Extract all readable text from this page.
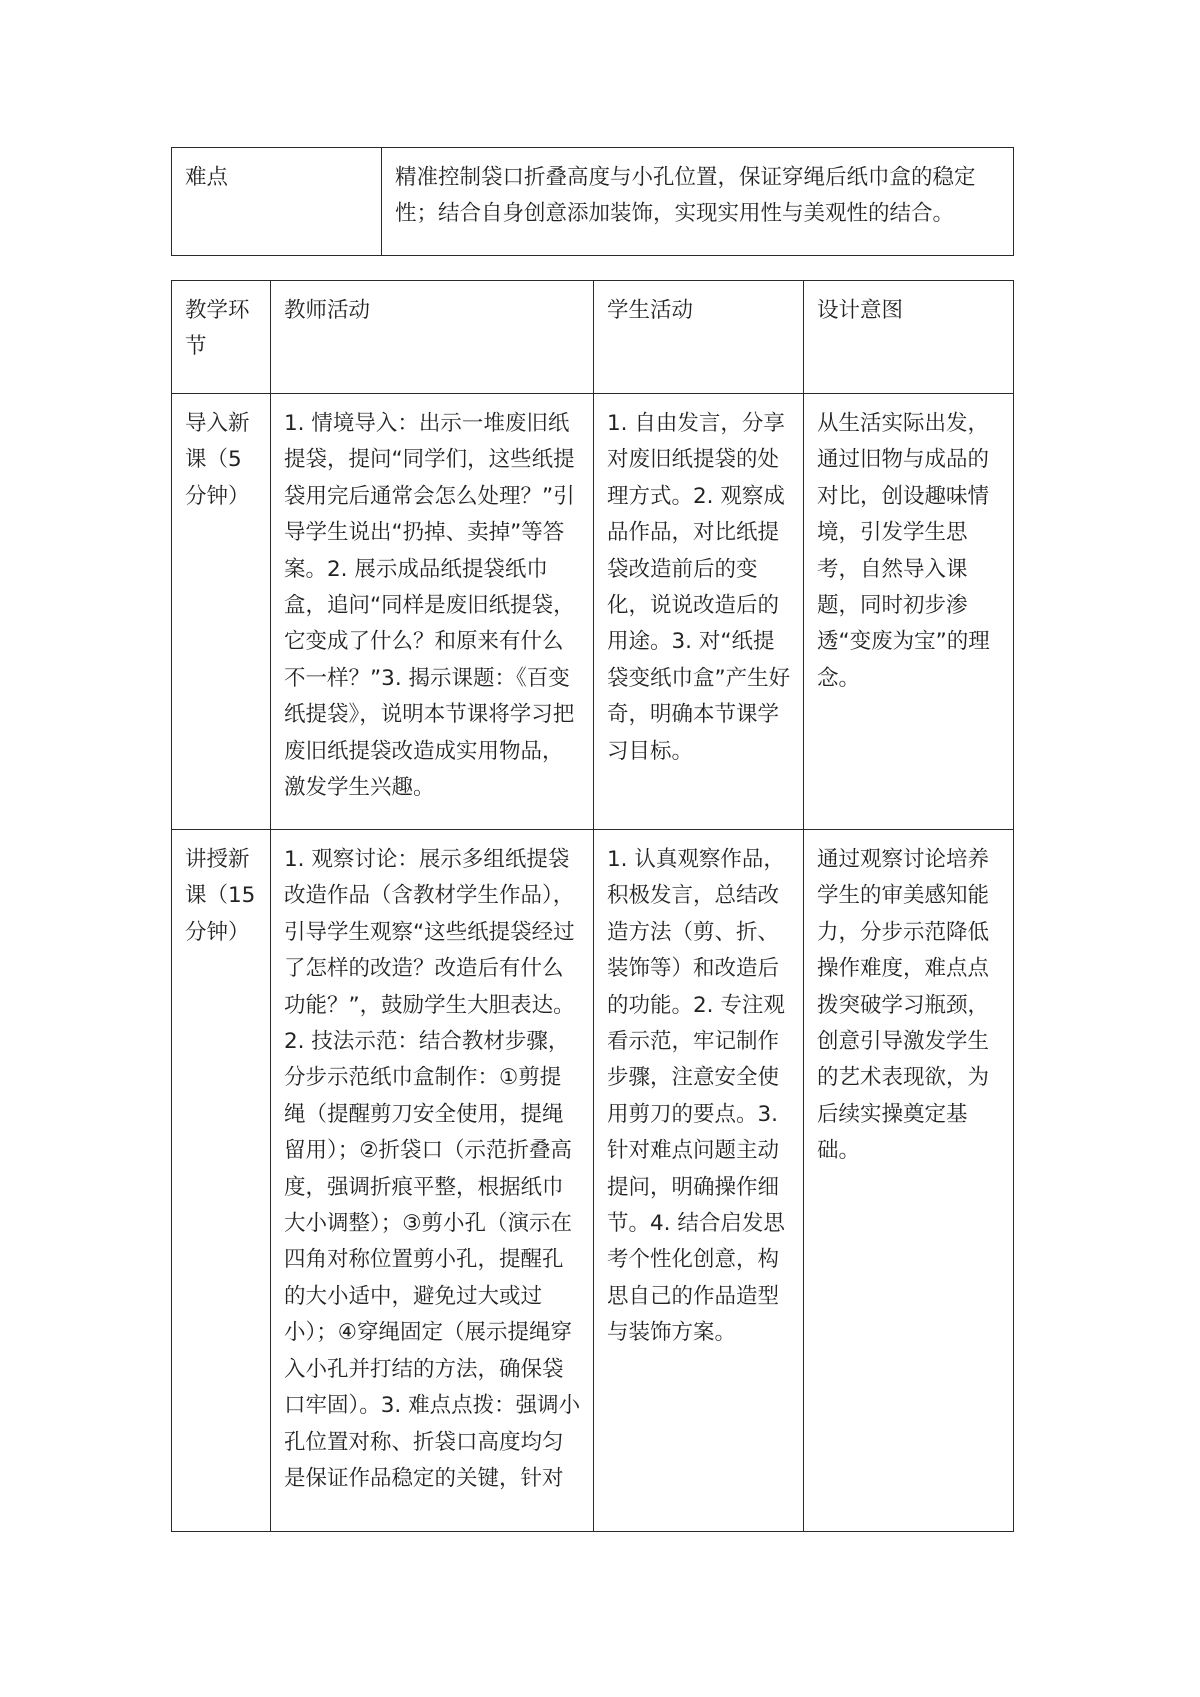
难点	精准控制袋口折叠高度与小孔位置，保证穿绳后纸巾盒的稳定性；结合自身创意添加装饰，实现实用性与美观性的结合。
教学环节	教师活动	学生活动	设计意图

导入新课（5分钟）	1. 情境导入：出示一堆废旧纸提袋，提问“同学们，这些纸提袋用完后通常会怎么处理？”引导学生说出“扔掉、卖掉”等答案。2. 展示成品纸提袋纸巾盒，追问“同样是废旧纸提袋，它变成了什么？和原来有什么不一样？”3. 揭示课题：《百变纸提袋》，说明本节课将学习把废旧纸提袋改造成实用物品，激发学生兴趣。	1. 自由发言，分享对废旧纸提袋的处理方式。2. 观察成品作品，对比纸提袋改造前后的变化，说说改造后的用途。3. 对“纸提袋变纸巾盒”产生好奇，明确本节课学习目标。	从生活实际出发，通过旧物与成品的对比，创设趣味情境，引发学生思考，自然导入课题，同时初步渗透“变废为宝”的理念。

讲授新课（15分钟）	1. 观察讨论：展示多组纸提袋改造作品（含教材学生作品），引导学生观察“这些纸提袋经过了怎样的改造？改造后有什么功能？”，鼓励学生大胆表达。2. 技法示范：结合教材步骤，分步示范纸巾盒制作：①剪提绳（提醒剪刀安全使用，提绳留用）；②折袋口（示范折叠高度，强调折痕平整，根据纸巾大小调整）；③剪小孔（演示在四角对称位置剪小孔，提醒孔的大小适中，避免过大或过小）；④穿绳固定（展示提绳穿入小孔并打结的方法，确保袋口牢固）。3. 难点点拨：强调小孔位置对称、折袋口高度均匀是保证作品稳定的关键，针对	1. 认真观察作品，积极发言，总结改造方法（剪、折、装饰等）和改造后的功能。2. 专注观看示范，牢记制作步骤，注意安全使用剪刀的要点。3. 针对难点问题主动提问，明确操作细节。4. 结合启发思考个性化创意，构思自己的作品造型与装饰方案。	通过观察讨论培养学生的审美感知能力，分步示范降低操作难度，难点点拨突破学习瓶颈，创意引导激发学生的艺术表现欲，为后续实操奠定基础。
